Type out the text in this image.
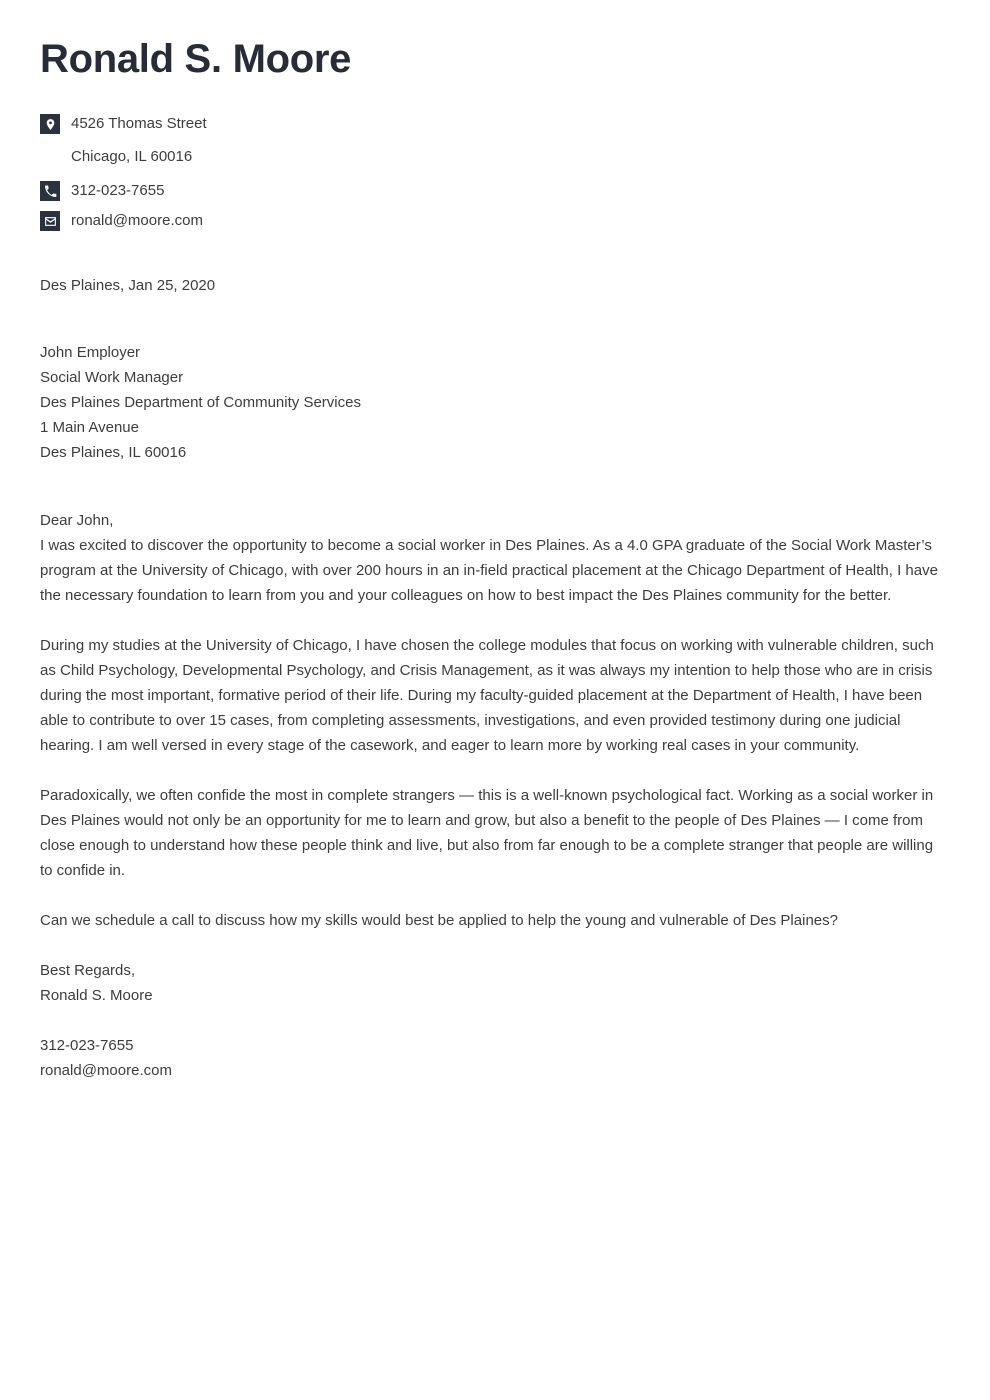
Ronald S. Moore
4526 Thomas Street
Chicago, IL 60016
312-023-7655
ronald@moore.com
Des Plaines, Jan 25, 2020
John Employer
Social Work Manager
Des Plaines Department of Community Services
1 Main Avenue
Des Plaines, IL 60016
Dear John,

I was excited to discover the opportunity to become a social worker in Des Plaines. As a 4.0 GPA graduate of the Social Work Master’s program at the University of Chicago, with over 200 hours in an in-field practical placement at the Chicago Department of Health, I have the necessary foundation to learn from you and your colleagues on how to best impact the Des Plaines community for the better.

During my studies at the University of Chicago, I have chosen the college modules that focus on working with vulnerable children, such as Child Psychology, Developmental Psychology, and Crisis Management, as it was always my intention to help those who are in crisis during the most important, formative period of their life. During my faculty-guided placement at the Department of Health, I have been able to contribute to over 15 cases, from completing assessments, investigations, and even provided testimony during one judicial hearing. I am well versed in every stage of the casework, and eager to learn more by working real cases in your community.

Paradoxically, we often confide the most in complete strangers — this is a well-known psychological fact. Working as a social worker in Des Plaines would not only be an opportunity for me to learn and grow, but also a benefit to the people of Des Plaines — I come from close enough to understand how these people think and live, but also from far enough to be a complete stranger that people are willing to confide in.

Can we schedule a call to discuss how my skills would best be applied to help the young and vulnerable of Des Plaines?

Best Regards,
Ronald S. Moore
312-023-7655
ronald@moore.com
